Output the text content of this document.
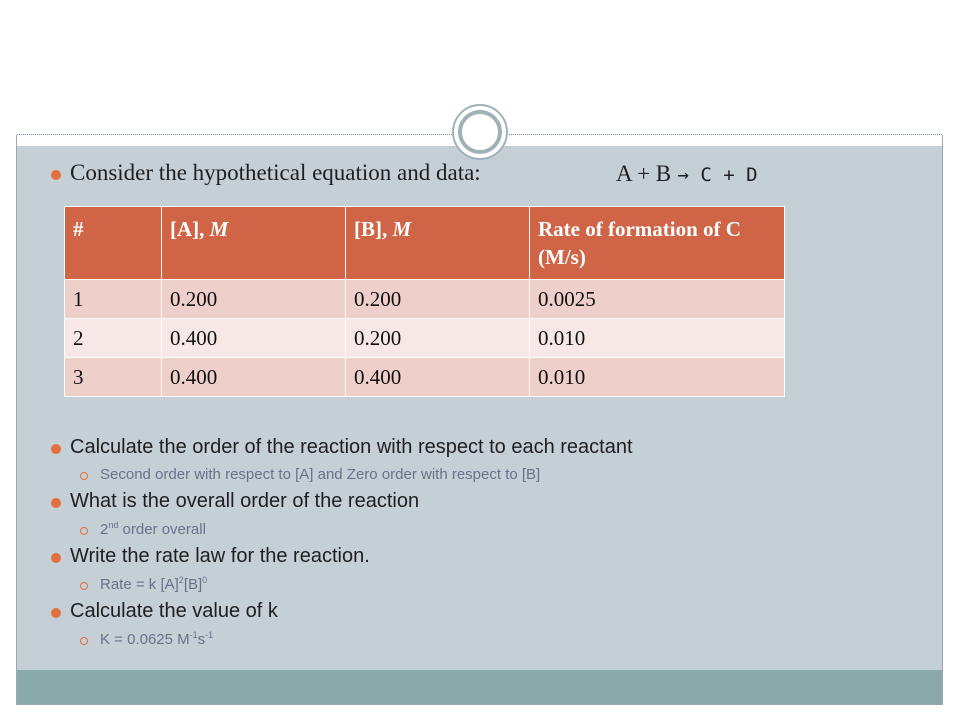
Consider the hypothetical equation and data:	A + B → C + D
#	[A], M	[B], M	Rate of formation of C (M/s)
1	0.200	0.200	0.0025
2	0.400	0.200	0.010
3	0.400	0.400	0.010
Calculate the order of the reaction with respect to each reactant
Second order with respect to [A] and Zero order with respect to [B]
What is the overall order of the reaction
2nd order overall
Write the rate law for the reaction.
Rate = k $[A]^2[B]^0$
Calculate the value of k
K = 0.0625 $M^{-1}s^{-1}$
